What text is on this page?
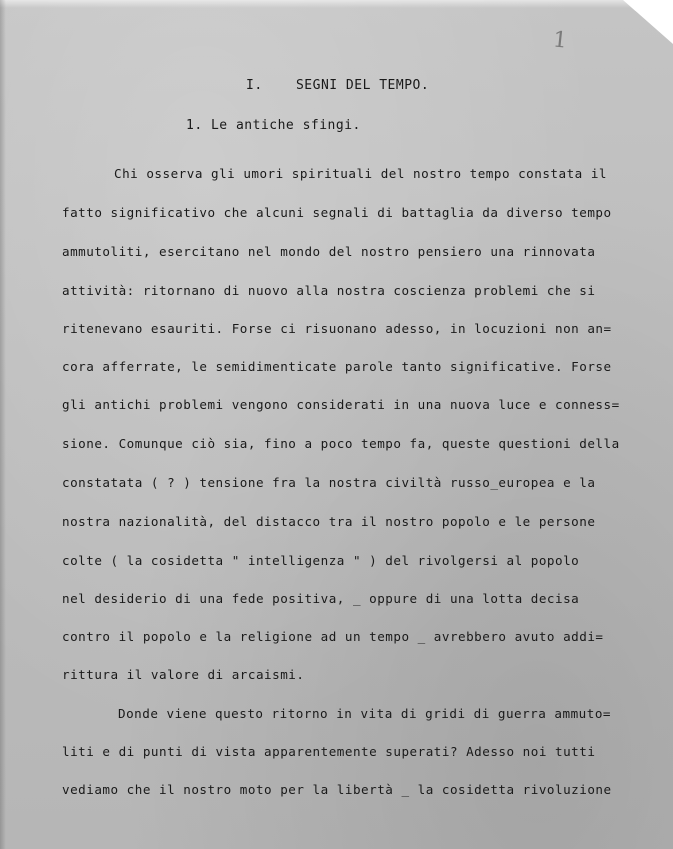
1
I.    SEGNI DEL TEMPO.
1. Le antiche sfingi.
Chi osserva gli umori spirituali del nostro tempo constata il
fatto significativo che alcuni segnali di battaglia da diverso tempo
ammutoliti, esercitano nel mondo del nostro pensiero una rinnovata
attività: ritornano di nuovo alla nostra coscienza problemi che si
ritenevano esauriti. Forse ci risuonano adesso, in locuzioni non an=
cora afferrate, le semidimenticate parole tanto significative. Forse
gli antichi problemi vengono considerati in una nuova luce e conness=
sione. Comunque ciò sia, fino a poco tempo fa, queste questioni della
constatata ( ? ) tensione fra la nostra civiltà russo_europea e la
nostra nazionalità, del distacco tra il nostro popolo e le persone
colte ( la cosidetta " intelligenza " ) del rivolgersi al popolo
nel desiderio di una fede positiva, _ oppure di una lotta decisa
contro il popolo e la religione ad un tempo _ avrebbero avuto addi=
rittura il valore di arcaismi.
Donde viene questo ritorno in vita di gridi di guerra ammuto=
liti e di punti di vista apparentemente superati? Adesso noi tutti
vediamo che il nostro moto per la libertà _ la cosidetta rivoluzione
